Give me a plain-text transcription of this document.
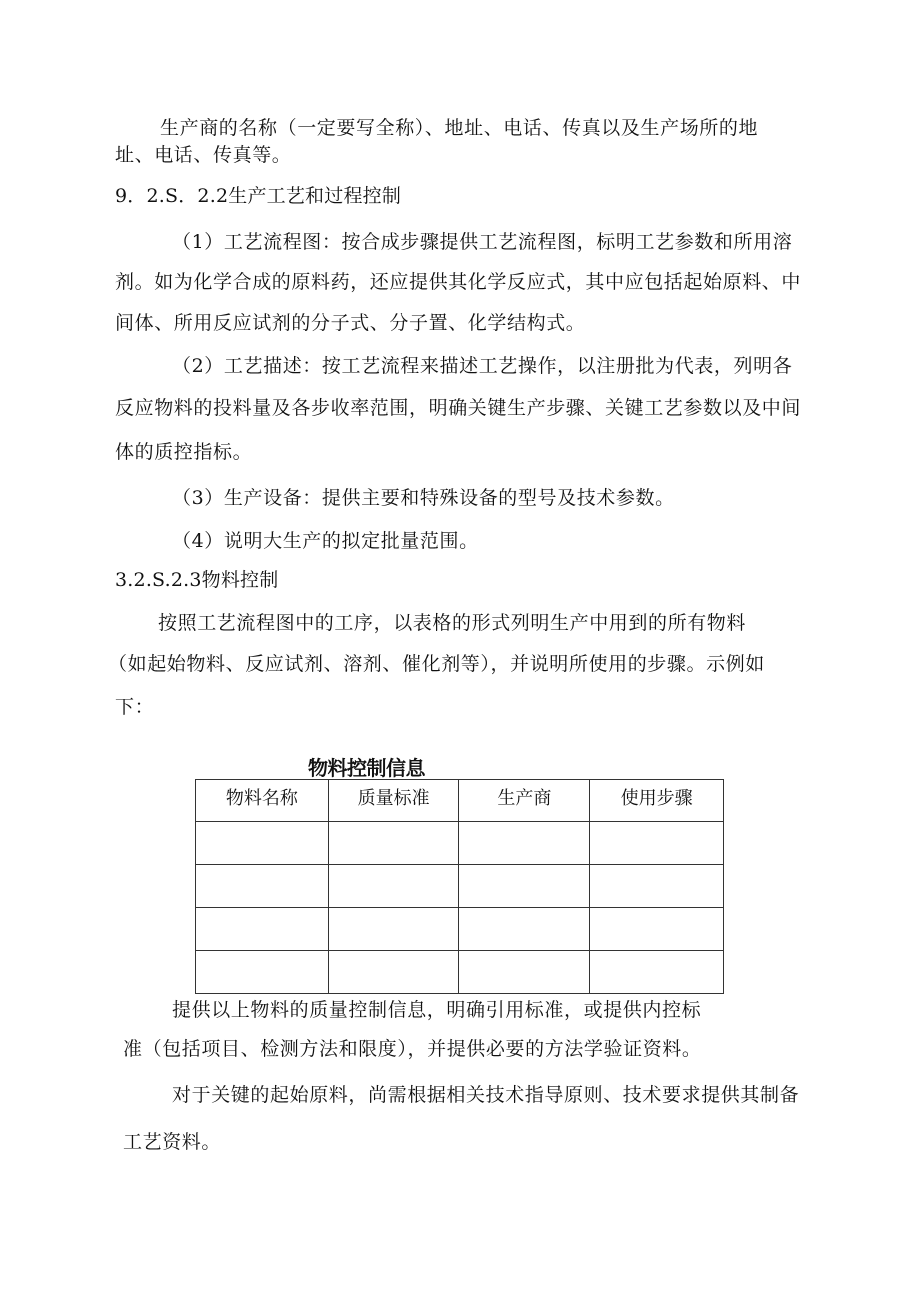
生产商的名称（一定要写全称）、地址、电话、传真以及生产场所的地
址、电话、传真等。
9．2.S．2.2生产工艺和过程控制
（1）工艺流程图：按合成步骤提供工艺流程图，标明工艺参数和所用溶
剂。如为化学合成的原料药，还应提供其化学反应式，其中应包括起始原料、中
间体、所用反应试剂的分子式、分子置、化学结构式。
（2）工艺描述：按工艺流程来描述工艺操作，以注册批为代表，列明各
反应物料的投料量及各步收率范围，明确关键生产步骤、关键工艺参数以及中间
体的质控指标。
（3）生产设备：提供主要和特殊设备的型号及技术参数。
（4）说明大生产的拟定批量范围。
3.2.S.2.3物料控制
按照工艺流程图中的工序，以表格的形式列明生产中用到的所有物料
（如起始物料、反应试剂、溶剂、催化剂等），并说明所使用的步骤。示例如
下：
物料控制信息
物料名称	质量标准	生产商	使用步骤

提供以上物料的质量控制信息，明确引用标准，或提供内控标
准（包括项目、检测方法和限度），并提供必要的方法学验证资料。
对于关键的起始原料，尚需根据相关技术指导原则、技术要求提供其制备
工艺资料。
